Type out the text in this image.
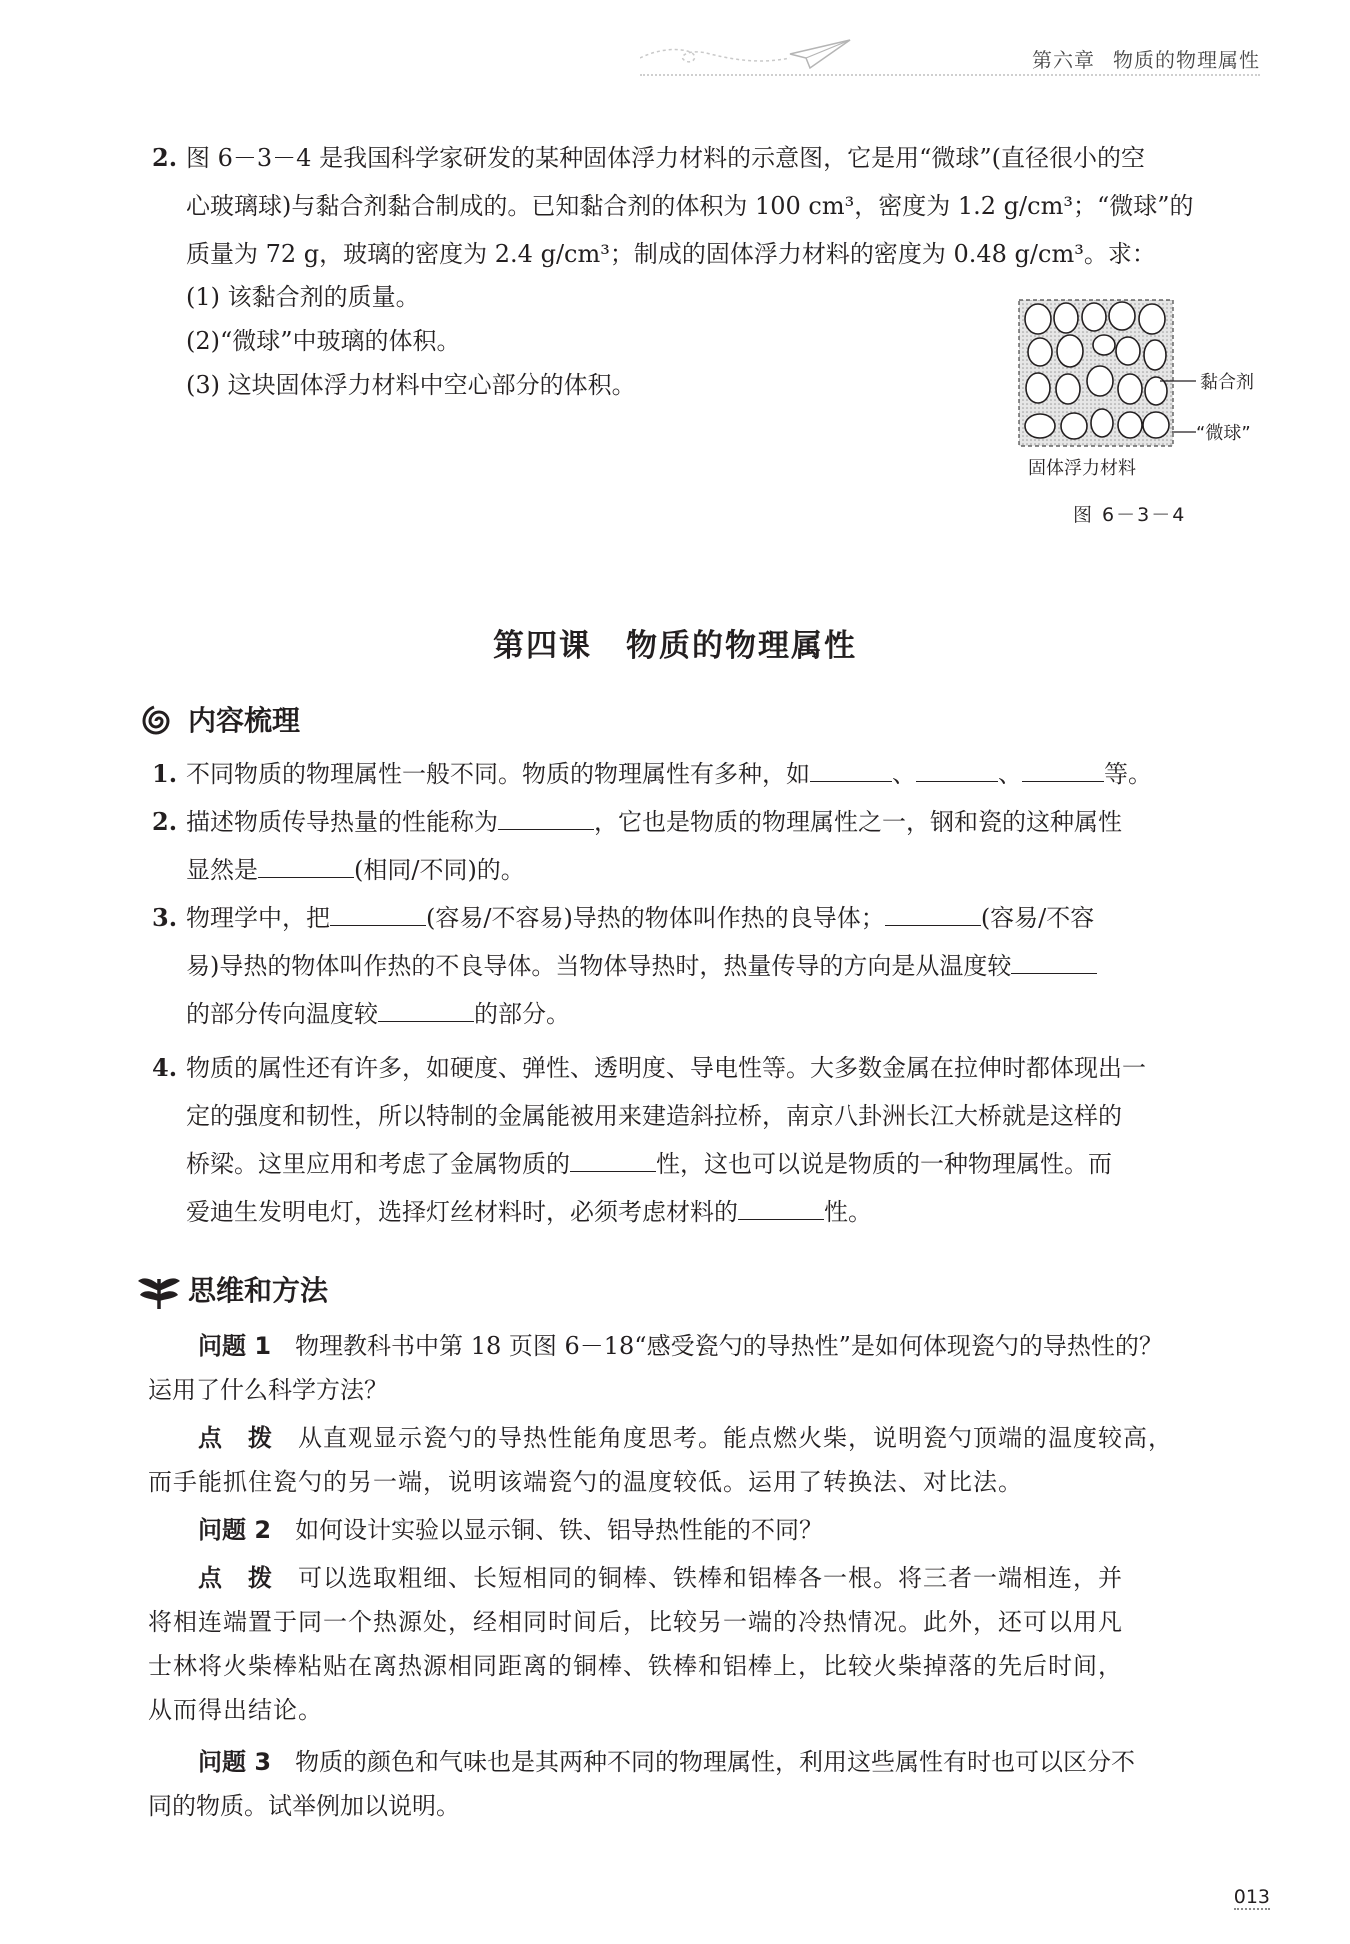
第六章 物质的物理属性
2. 图 6－3－4 是我国科学家研发的某种固体浮力材料的示意图，它是用“微球”(直径很小的空
心玻璃球)与黏合剂黏合制成的。已知黏合剂的体积为 100 cm³，密度为 1.2 g/cm³；“微球”的
质量为 72 g，玻璃的密度为 2.4 g/cm³；制成的固体浮力材料的密度为 0.48 g/cm³。求：
(1) 该黏合剂的质量。
(2)“微球”中玻璃的体积。
(3) 这块固体浮力材料中空心部分的体积。	黏合剂
“微球”
固体浮力材料
图 6－3－4
第四课 物质的物理属性
内容梳理
1. 不同物质的物理属性一般不同。物质的物理属性有多种，如	、	、	等。
2. 描述物质传导热量的性能称为	，它也是物质的物理属性之一，钢和瓷的这种属性
显然是	(相同/不同)的。
3. 物理学中，把	(容易/不容易)导热的物体叫作热的良导体；	(容易/不容
易)导热的物体叫作热的不良导体。当物体导热时，热量传导的方向是从温度较
的部分传向温度较	的部分。
4. 物质的属性还有许多，如硬度、弹性、透明度、导电性等。大多数金属在拉伸时都体现出一
定的强度和韧性，所以特制的金属能被用来建造斜拉桥，南京八卦洲长江大桥就是这样的
桥梁。这里应用和考虑了金属物质的	性，这也可以说是物质的一种物理属性。而
爱迪生发明电灯，选择灯丝材料时，必须考虑材料的	性。
思维和方法
问题 1　 物理教科书中第 18 页图 6－18“感受瓷勺的导热性”是如何体现瓷勺的导热性的？
运用了什么科学方法？
点　拨　 从直观显示瓷勺的导热性能角度思考。能点燃火柴，说明瓷勺顶端的温度较高，
而手能抓住瓷勺的另一端，说明该端瓷勺的温度较低。运用了转换法、对比法。
问题 2　 如何设计实验以显示铜、铁、铝导热性能的不同？
点　拨　 可以选取粗细、长短相同的铜棒、铁棒和铝棒各一根。将三者一端相连，并
将相连端置于同一个热源处，经相同时间后，比较另一端的冷热情况。此外，还可以用凡
士林将火柴棒粘贴在离热源相同距离的铜棒、铁棒和铝棒上，比较火柴掉落的先后时间，
从而得出结论。
问题 3　 物质的颜色和气味也是其两种不同的物理属性，利用这些属性有时也可以区分不
同的物质。试举例加以说明。
013
